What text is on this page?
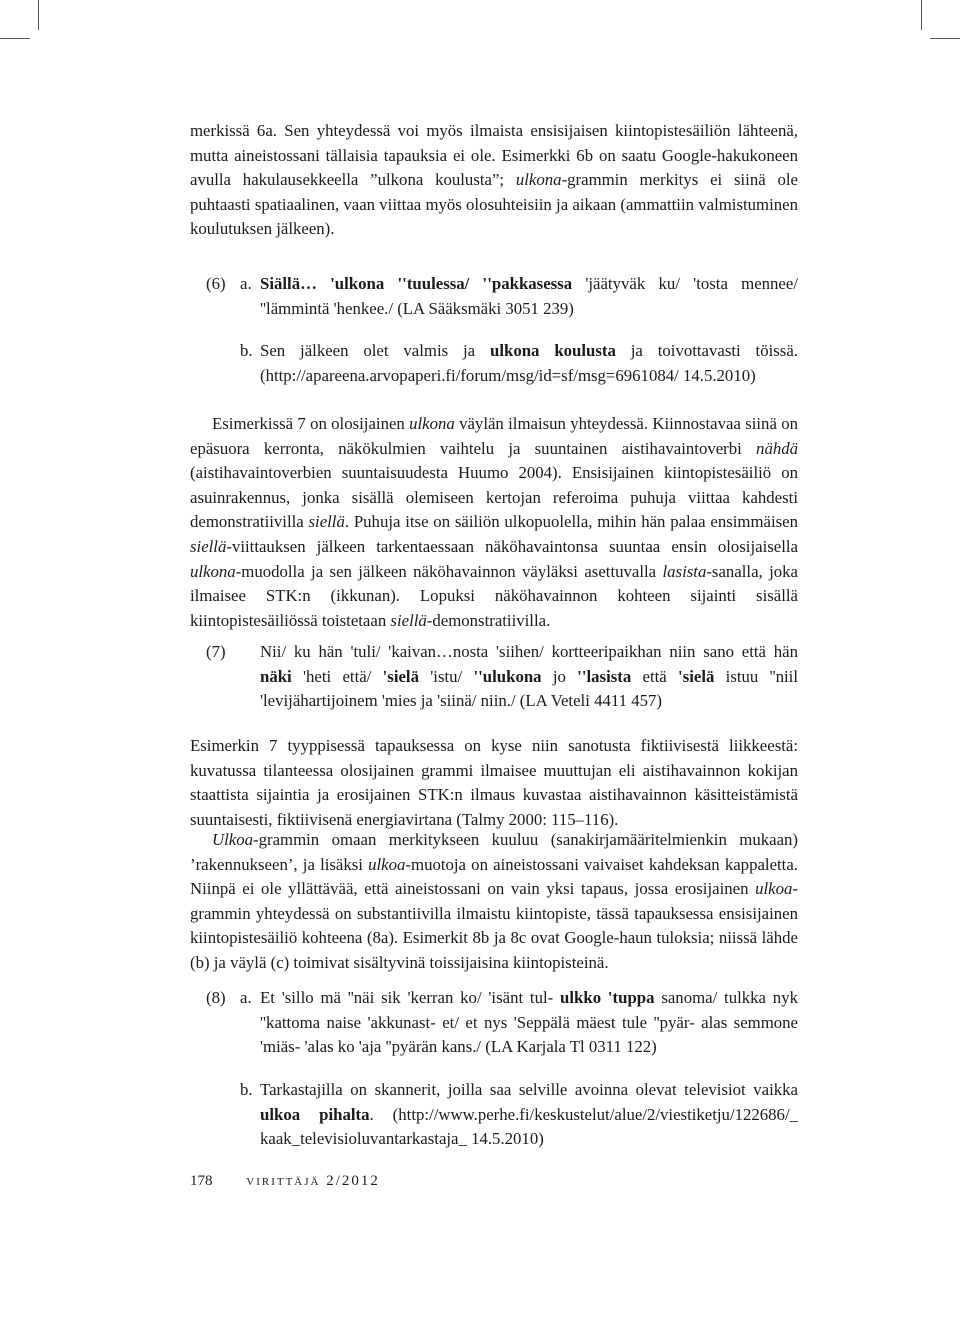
merkissä 6a. Sen yhteydessä voi myös ilmaista ensisijaisen kiintopistesäiliön lähteenä, mutta aineistossani tällaisia tapauksia ei ole. Esimerkki 6b on saatu Google-hakukoneen avulla hakulausekkeella ”ulkona koulusta”; ulkona-grammin merkitys ei siinä ole puhtaasti spatiaalinen, vaan viittaa myös olosuhteisiin ja aikaan (ammattiin valmistuminen koulutuksen jälkeen).
(6) a. Siällä… 'ulkona ''tuulessa/ ''pakkasessa 'jäätyväk ku/ 'tosta mennee/ ''lämmintä 'henkee./ (LA Sääksmäki 3051 239)
b. Sen jälkeen olet valmis ja ulkona koulusta ja toivottavasti töissä. (http://apareena.arvopaperi.fi/forum/msg/id=sf/msg=6961084/ 14.5.2010)
Esimerkissä 7 on olosijainen ulkona väylän ilmaisun yhteydessä. Kiinnostavaa siinä on epäsuora kerronta, näkökulmien vaihtelu ja suuntainen aistihavaintoverbi nähdä (aistihavaintoverbien suuntaisuudesta Huumo 2004). Ensisijainen kiintopistesäiliö on asuinrakennus, jonka sisällä olemiseen kertojan referoima puhuja viittaa kahdesti demonstratiivilla siellä. Puhuja itse on säiliön ulkopuolella, mihin hän palaa ensimmäisen siellä-viittauksen jälkeen tarkentaessaan näköhavaintonsa suuntaa ensin olosijaisella ulkona-muodolla ja sen jälkeen näköhavainnon väyläksi asettuvalla lasista-sanalla, joka ilmaisee STK:n (ikkunan). Lopuksi näköhavainnon kohteen sijainti sisällä kiintopistesäiliössä toistetaan siellä-demonstratiivilla.
(7) Nii/ ku hän 'tuli/ 'kaivan…nosta 'siihen/ kortteeripaikhan niin sano että hän näki 'heti että/ 'sielä 'istu/ ''ulukona jo ''lasista että 'sielä istuu ''niil 'levijähartijoinem 'mies ja 'siinä/ niin./ (LA Veteli 4411 457)
Esimerkin 7 tyyppisessä tapauksessa on kyse niin sanotusta fiktiivisestä liikkeestä: kuvatussa tilanteessa olosijainen grammi ilmaisee muuttujan eli aistihavainnon kokijan staattista sijaintia ja erosijainen STK:n ilmaus kuvastaa aistihavainnon käsitteistämistä suuntaisesti, fiktiivisenä energiavirtana (Talmy 2000: 115–116).
Ulkoa-grammin omaan merkitykseen kuuluu (sanakirjamääritelmienkin mukaan) ’rakennukseen’, ja lisäksi ulkoa-muotoja on aineistossani vaivaiset kahdeksan kappaletta. Niinpä ei ole yllättävää, että aineistossani on vain yksi tapaus, jossa erosijainen ulkoa-grammin yhteydessä on substantiivilla ilmaistu kiintopiste, tässä tapauksessa ensisijainen kiintopistesäiliö kohteena (8a). Esimerkit 8b ja 8c ovat Google-haun tuloksia; niissä lähde (b) ja väylä (c) toimivat sisältyvinä toissijaisina kiintopisteinä.
(8) a. Et 'sillo mä ''näi sik 'kerran ko/ 'isänt tul- ulkko 'tuppa sanoma/ tulkka nyk ''kattoma naise 'akkunast- et/ et nys 'Seppälä mäest tule ''pyär- alas semmone 'miäs- 'alas ko 'aja ''pyärän kans./ (LA Karjala Tl 0311 122)
b. Tarkastajilla on skannerit, joilla saa selville avoinna olevat televisiot vaikka ulkoa pihalta. (http://www.perhe.fi/keskustelut/alue/2/viestiketju/122686/_ kaak_televisioluvantarkastaja_ 14.5.2010)
178 virittäjä 2/2012
